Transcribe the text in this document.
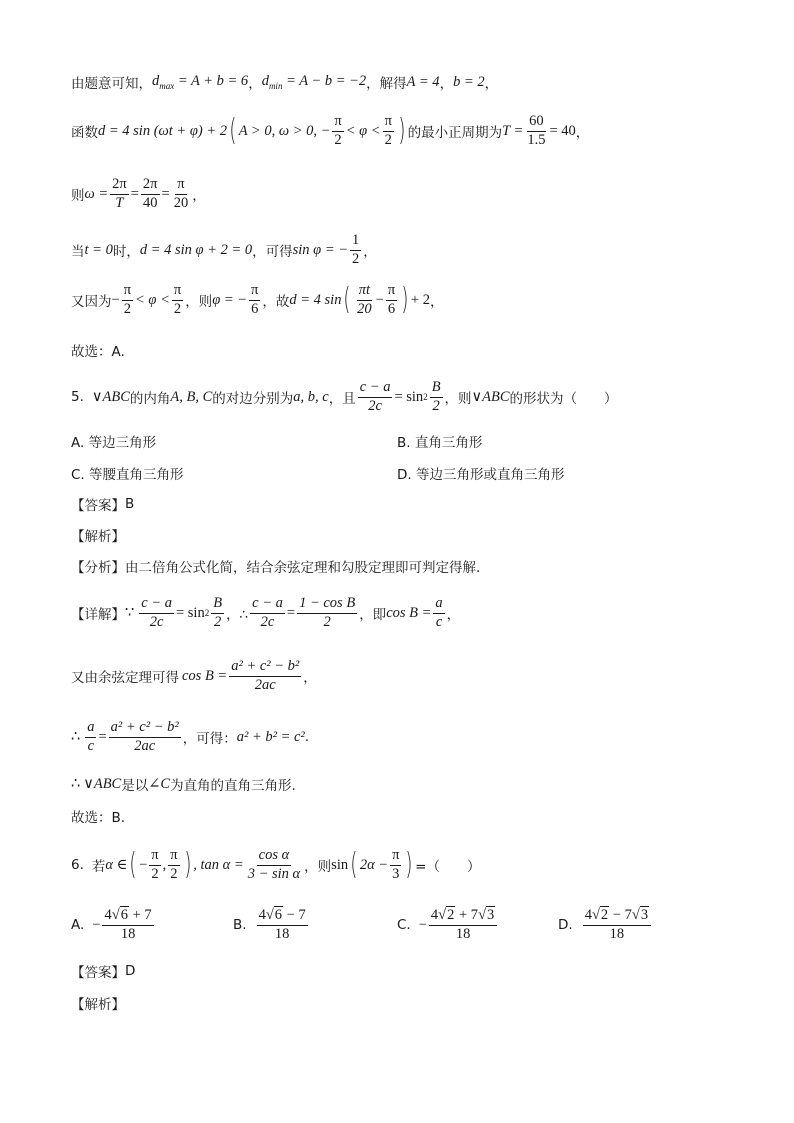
由题意可知， $d_{max} = A + b = 6$ ， $d_{min} = A - b = -2$ ，解得 A = 4 ， b = 2 ，
函数 d = 4 sin (ωt + φ) + 2 ( A > 0, ω > 0, − $\frac{\pi}{2} < \varphi < \frac{\pi}{2}$ ) 的最小正周期为 $T = \frac{60}{1.5} = 40$ ，
则 $\omega = \frac{2\pi}{T} = \frac{2\pi}{40} = \frac{\pi}{20}$ ，
当 t = 0 时， d = 4 sin φ + 2 = 0 ，可得 sin φ = − $\frac{1}{2}$ ，
又因为 − $\frac{\pi}{2} < \varphi < \frac{\pi}{2}$ ，则 φ = − $\frac{\pi}{6}$ ，故 d = 4 sin ( $\frac{\pi t}{20} - \frac{\pi}{6}$ ) + 2 ，
故选：A.
5. ∨ABC 的内角 A, B, C 的对边分别为 a, b, c ，且 $\frac{c - a}{2c} = \sin 2 \frac{B}{2}$ ，则 ∨ABC 的形状为（　　）
A. 等边三角形	B. 直角三角形
C. 等腰直角三角形	D. 等边三角形或直角三角形
【答案】 B
【解析】
【分析】 由二倍角公式化简，结合余弦定理和勾股定理即可判定得解.
【详解】 ∵ $\frac{c - a}{2c} = \sin 2 \frac{B}{2}$ ，∴ $\frac{c - a}{2c} = \frac{\text{1 − cos B}}{2}$ ，即 $\cos B = \frac{a}{c}$ ，
又由余弦定理可得 $\cos B = \frac{\text{a² + c² − b²}}{2ac}$ ，
∴ $\frac{a}{c} = \frac{\text{a² + c² − b²}}{2ac}$ ，可得： a² + b² = c² .
∴ ∨ABC 是以 ∠C 为直角的直角三角形.
故选：B.
6. 若 α ∈ ( − $\frac{\pi}{2}$ , $\frac{\pi}{2}$ ) , $\tan \alpha = \frac{\text{cos α}}{\text{3 − sin α}}$ ，则 sin ( $2\alpha - \frac{\pi}{3}$ ) =（　　）
A. − $\frac{4√6 + 7}{18}$	B. $\frac{4√6 - 7}{18}$	C. − $\frac{4√2 + 7√3}{18}$	D. $\frac{4√2 - 7√3}{18}$
【答案】 D
【解析】
